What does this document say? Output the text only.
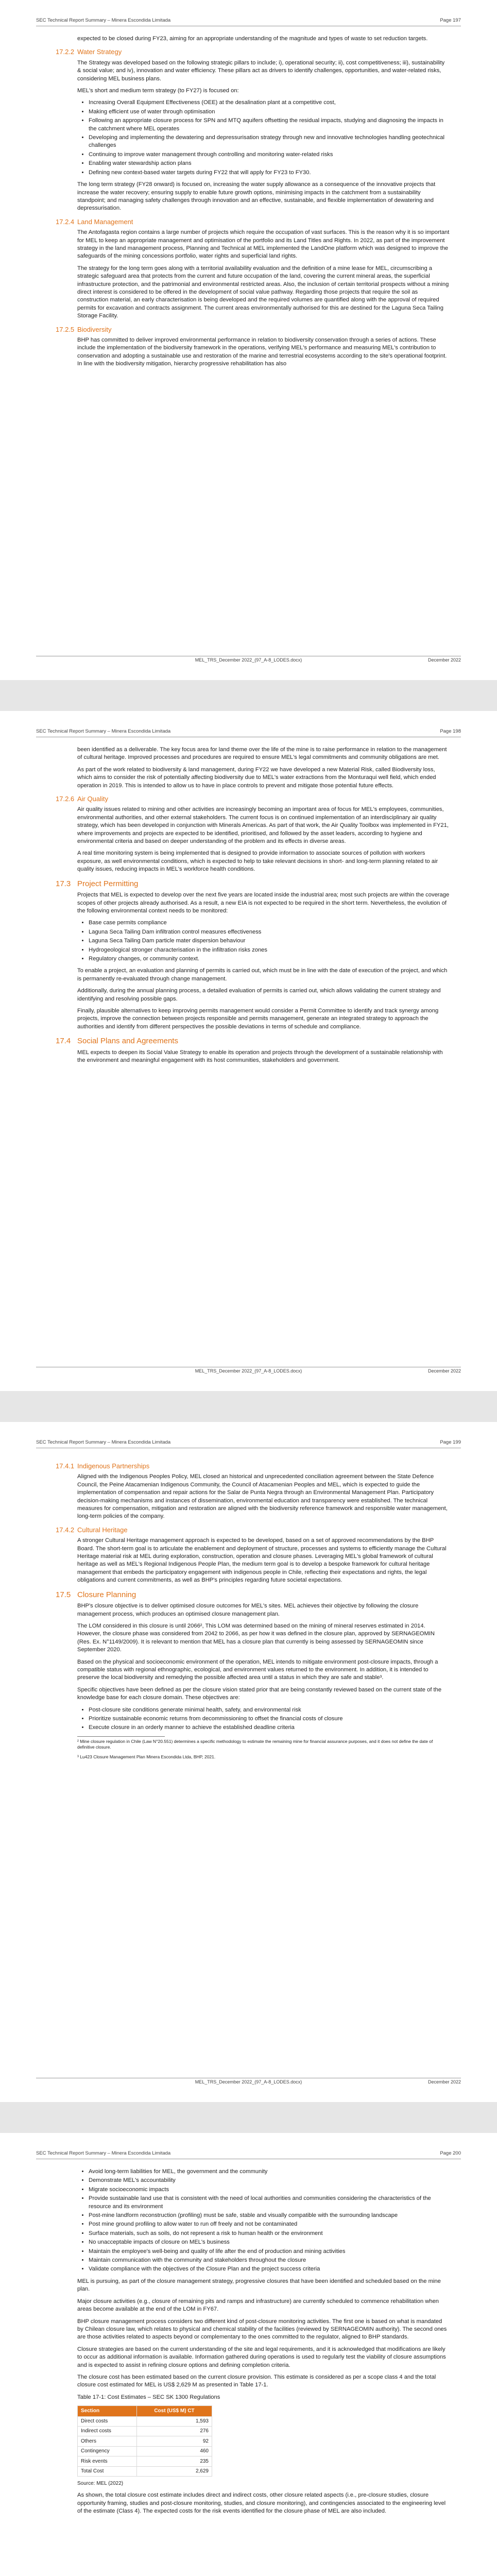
SEC Technical Report Summary – Minera Escondida Limitada	Page 197

expected to be closed during FY23, aiming for an appropriate understanding of the magnitude and types of waste to set reduction targets.

17.2.2 Water Strategy

The Strategy was developed based on the following strategic pillars to include; i), operational security; ii), cost competitiveness; iii), sustainability & social value; and iv), innovation and water efficiency. These pillars act as drivers to identify challenges, opportunities, and water-related risks, considering MEL business plans.

MEL's short and medium term strategy (to FY27) is focused on:

• Increasing Overall Equipment Effectiveness (OEE) at the desalination plant at a competitive cost,
• Making efficient use of water through optimisation
• Following an appropriate closure process for SPN and MTQ aquifers offsetting the residual impacts, studying and diagnosing the impacts in the catchment where MEL operates
• Developing and implementing the dewatering and depressurisation strategy through new and innovative technologies handling geotechnical challenges
• Continuing to improve water management through controlling and monitoring water-related risks
• Enabling water stewardship action plans
• Defining new context-based water targets during FY22 that will apply for FY23 to FY30.

The long term strategy (FY28 onward) is focused on, increasing the water supply allowance as a consequence of the innovative projects that increase the water recovery; ensuring supply to enable future growth options, minimising impacts in the catchment from a sustainability standpoint; and managing safety challenges through innovation and an effective, sustainable, and flexible implementation of dewatering and depressurisation.

17.2.4 Land Management

The Antofagasta region contains a large number of projects which require the occupation of vast surfaces. This is the reason why it is so important for MEL to keep an appropriate management and optimisation of the portfolio and its Land Titles and Rights. In 2022, as part of the improvement strategy in the land management process, Planning and Technical at MEL implemented the LandOne platform which was designed to improve the safeguards of the mining concessions portfolio, water rights and superficial land rights.

The strategy for the long term goes along with a territorial availability evaluation and the definition of a mine lease for MEL, circumscribing a strategic safeguard area that protects from the current and future occupation of the land, covering the current mineral areas, the superficial infrastructure protection, and the patrimonial and environmental restricted areas. Also, the inclusion of certain territorial prospects without a mining direct interest is considered to be offered in the development of social value pathway. Regarding those projects that require the soil as construction material, an early characterisation is being developed and the required volumes are quantified along with the approval of required permits for excavation and contracts assignment. The current areas environmentally authorised for this are destined for the Laguna Seca Tailing Storage Facility.

17.2.5 Biodiversity

BHP has committed to deliver improved environmental performance in relation to biodiversity conservation through a series of actions. These include the implementation of the biodiversity framework in the operations, verifying MEL's performance and measuring MEL's contribution to conservation and adopting a sustainable use and restoration of the marine and terrestrial ecosystems according to the site's operational footprint. In line with the biodiversity mitigation, hierarchy progressive rehabilitation has also

MEL_TRS_December 2022_(97_A-8_LODES.docx)	December 2022
SEC Technical Report Summary – Minera Escondida Limitada	Page 198

been identified as a deliverable. The key focus area for land theme over the life of the mine is to raise performance in relation to the management of cultural heritage. Improved processes and procedures are required to ensure MEL's legal commitments and community obligations are met.

As part of the work related to biodiversity & land management, during FY22 we have developed a new Material Risk, called Biodiversity loss, which aims to consider the risk of potentially affecting biodiversity due to MEL's water extractions from the Monturaqui well field, which ended operation in 2019. This is intended to allow us to have in place controls to prevent and mitigate those potential future effects.

17.2.6 Air Quality

Air quality issues related to mining and other activities are increasingly becoming an important area of focus for MEL's employees, communities, environmental authorities, and other external stakeholders. The current focus is on continued implementation of an interdisciplinary air quality strategy, which has been developed in conjunction with Minerals Americas. As part of that work, the Air Quality Toolbox was implemented in FY21, where improvements and projects are expected to be identified, prioritised, and followed by the asset leaders, according to hygiene and environmental criteria and based on deeper understanding of the problem and its effects in diverse areas.

A real time monitoring system is being implemented that is designed to provide information to associate sources of pollution with workers exposure, as well environmental conditions, which is expected to help to take relevant decisions in short- and long-term planning related to air quality issues, reducing impacts in MEL's workforce health conditions.

17.3 Project Permitting

Projects that MEL is expected to develop over the next five years are located inside the industrial area; most such projects are within the coverage scopes of other projects already authorised. As a result, a new EIA is not expected to be required in the short term. Nevertheless, the evolution of the following environmental context needs to be monitored:

• Base case permits compliance
• Laguna Seca Tailing Dam infiltration control measures effectiveness
• Laguna Seca Tailing Dam particle mater dispersion behaviour
• Hydrogeological stronger characterisation in the infiltration risks zones
• Regulatory changes, or community context.

To enable a project, an evaluation and planning of permits is carried out, which must be in line with the date of execution of the project, and which is permanently re-evaluated through change management.

Additionally, during the annual planning process, a detailed evaluation of permits is carried out, which allows validating the current strategy and identifying and resolving possible gaps.

Finally, plausible alternatives to keep improving permits management would consider a Permit Committee to identify and track synergy among projects, improve the connection between projects responsible and permits management, generate an integrated strategy to approach the authorities and identify from different perspectives the possible deviations in terms of schedule and compliance.

17.4 Social Plans and Agreements

MEL expects to deepen its Social Value Strategy to enable its operation and projects through the development of a sustainable relationship with the environment and meaningful engagement with its host communities, stakeholders and government.

MEL_TRS_December 2022_(97_A-8_LODES.docx)	December 2022
SEC Technical Report Summary – Minera Escondida Limitada	Page 199
17.4.1 Indigenous Partnerships

Aligned with the Indigenous Peoples Policy, MEL closed an historical and unprecedented conciliation agreement between the State Defence Council, the Peine Atacamenian Indigenous Community, the Council of Atacamenian Peoples and MEL, which is expected to guide the implementation of compensation and repair actions for the Salar de Punta Negra through an Environmental Management Plan. Participatory decision-making mechanisms and instances of dissemination, environmental education and transparency were established. The technical measures for compensation, mitigation and restoration are aligned with the biodiversity reference framework and responsible water management, long-term policies of the company.

17.4.2 Cultural Heritage

A stronger Cultural Heritage management approach is expected to be developed, based on a set of approved recommendations by the BHP Board. The short-term goal is to articulate the enablement and deployment of structure, processes and systems to efficiently manage the Cultural Heritage material risk at MEL during exploration, construction, operation and closure phases. Leveraging MEL's global framework of cultural heritage as well as MEL's Regional Indigenous People Plan, the medium term goal is to develop a bespoke framework for cultural heritage management that embeds the participatory engagement with indigenous people in Chile, reflecting their expectations and rights, the legal obligations and current commitments, as well as BHP's principles regarding future societal expectations.

17.5 Closure Planning

BHP's closure objective is to deliver optimised closure outcomes for MEL's sites. MEL achieves their objective by following the closure management process, which produces an optimised closure management plan.

The LOM considered in this closure is until 2066², This LOM was determined based on the mining of mineral reserves estimated in 2014. However, the closure phase was considered from 2042 to 2066, as per how it was defined in the closure plan, approved by SERNAGEOMIN (Res. Ex. N°1149/2009). It is relevant to mention that MEL has a closure plan that currently is being assessed by SERNAGEOMIN since September 2020.

Based on the physical and socioeconomic environment of the operation, MEL intends to mitigate environment post-closure impacts, through a compatible status with regional ethnographic, ecological, and environment values returned to the environment. In addition, it is intended to preserve the local biodiversity and remedying the possible affected area until a status in which they are safe and stable³.

Specific objectives have been defined as per the closure vision stated prior that are being constantly reviewed based on the current state of the knowledge base for each closure domain. These objectives are:

• Post-closure site conditions generate minimal health, safety, and environmental risk
• Prioritize sustainable economic returns from decommissioning to offset the financial costs of closure
• Execute closure in an orderly manner to achieve the established deadline criteria

² Mine closure regulation in Chile (Law N°20.551) determines a specific methodology to estimate the remaining mine for financial assurance purposes, and it does not define the date of definitive closure.

³ Lu423 Closure Management Plan Minera Escondida Ltda, BHP, 2021.

MEL_TRS_December 2022_(97_A-8_LODES.docx)	December 2022
SEC Technical Report Summary – Minera Escondida Limitada	Page 200
• Avoid long-term liabilities for MEL, the government and the community
• Demonstrate MEL's accountability
• Migrate socioeconomic impacts
• Provide sustainable land use that is consistent with the need of local authorities and communities considering the characteristics of the resource and its environment
• Post-mine landform reconstruction (profiling) must be safe, stable and visually compatible with the surrounding landscape
• Post mine ground profiling to allow water to run off freely and not be contaminated
• Surface materials, such as soils, do not represent a risk to human health or the environment
• No unacceptable impacts of closure on MEL's business
• Maintain the employee's well-being and quality of life after the end of production and mining activities
• Maintain communication with the community and stakeholders throughout the closure
• Validate compliance with the objectives of the Closure Plan and the project success criteria

MEL is pursuing, as part of the closure management strategy, progressive closures that have been identified and scheduled based on the mine plan.

Major closure activities (e.g., closure of remaining pits and ramps and infrastructure) are currently scheduled to commence rehabilitation when areas become available at the end of the LOM in FY67.

BHP closure management process considers two different kind of post-closure monitoring activities. The first one is based on what is mandated by Chilean closure law, which relates to physical and chemical stability of the facilities (reviewed by SERNAGEOMIN authority). The second ones are those activities related to aspects beyond or complementary to the ones committed to the regulator, aligned to BHP standards.

Closure strategies are based on the current understanding of the site and legal requirements, and it is acknowledged that modifications are likely to occur as additional information is available. Information gathered during operations is used to regularly test the viability of closure assumptions and is expected to assist in refining closure options and defining completion criteria.

The closure cost has been estimated based on the current closure provision. This estimate is considered as per a scope class 4 and the total closure cost estimated for MEL is US$ 2,629 M as presented in Table 17-1.

Table 17-1: Cost Estimates – SEC SK 1300 Regulations

Section	Cost (US$ M) CT
Direct costs	1,593
Indirect costs	276
Others	92
Contingency	460
Risk events	235
Total Cost	2,629

Source: MEL (2022)

As shown, the total closure cost estimate includes direct and indirect costs, other closure related aspects (i.e., pre-closure studies, closure opportunity framing, studies and post-closure monitoring, studies, and closure monitoring), and contingencies associated to the engineering level of the estimate (Class 4). The expected costs for the risk events identified for the closure phase of MEL are also included.
